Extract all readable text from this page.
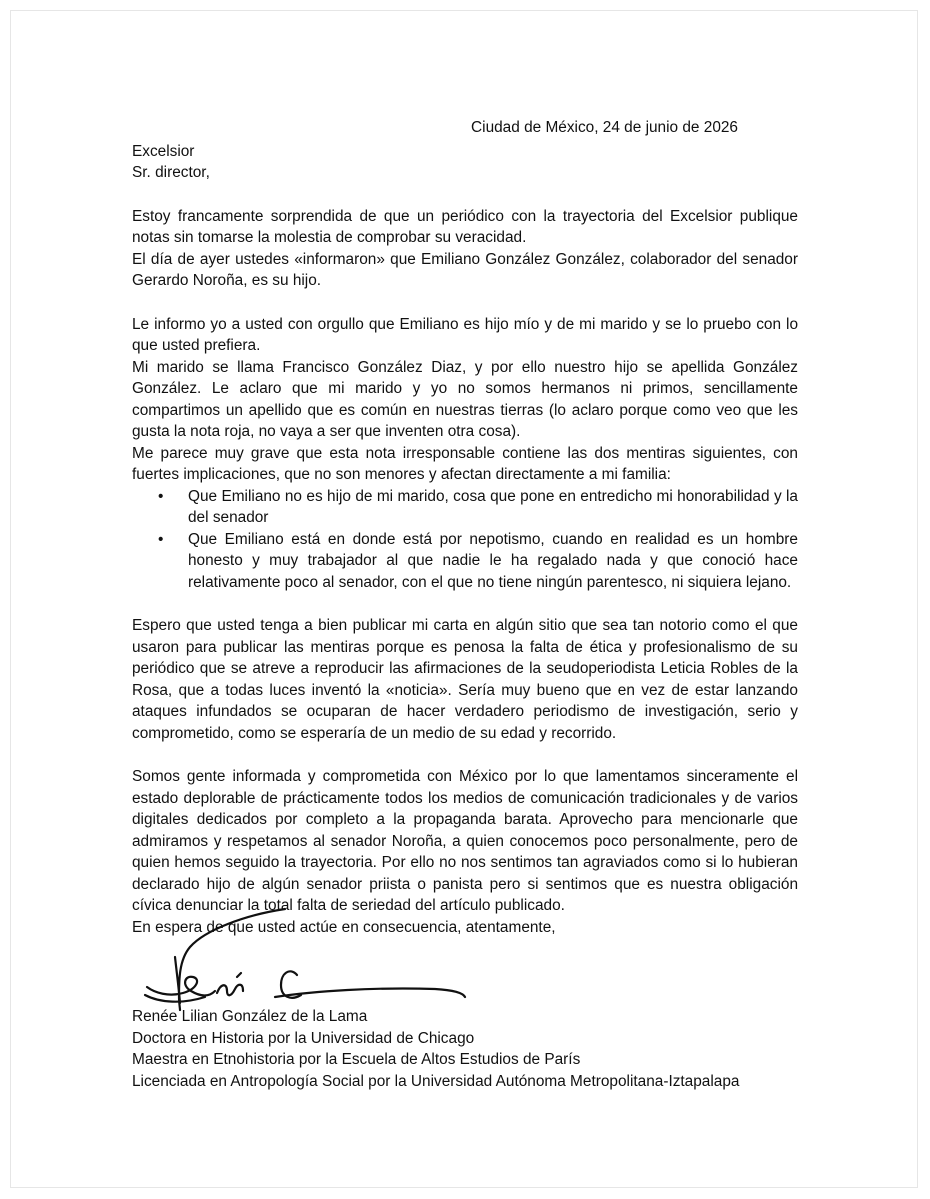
Ciudad de México, 24 de junio de 2026

Excelsior

Sr. director,

Estoy francamente sorprendida de que un periódico con la trayectoria del Excelsior publique notas sin tomarse la molestia de comprobar su veracidad.

El día de ayer ustedes «informaron» que Emiliano González González, colaborador del senador Gerardo Noroña, es su hijo.

Le informo yo a usted con orgullo que Emiliano es hijo mío y de mi marido y se lo pruebo con lo que usted prefiera.

Mi marido se llama Francisco González Diaz, y por ello nuestro hijo se apellida González González. Le aclaro que mi marido y yo no somos hermanos ni primos, sencillamente compartimos un apellido que es común en nuestras tierras (lo aclaro porque como veo que les gusta la nota roja, no vaya a ser que inventen otra cosa).

Me parece muy grave que esta nota irresponsable contiene las dos mentiras siguientes, con fuertes implicaciones, que no son menores y afectan directamente a mi familia:

• Que Emiliano no es hijo de mi marido, cosa que pone en entredicho mi honorabilidad y la del senador
• Que Emiliano está en donde está por nepotismo, cuando en realidad es un hombre honesto y muy trabajador al que nadie le ha regalado nada y que conoció hace relativamente poco al senador, con el que no tiene ningún parentesco, ni siquiera lejano.

Espero que usted tenga a bien publicar mi carta en algún sitio que sea tan notorio como el que usaron para publicar las mentiras porque es penosa la falta de ética y profesionalismo de su periódico que se atreve a reproducir las afirmaciones de la seudoperiodista Leticia Robles de la Rosa, que a todas luces inventó la «noticia». Sería muy bueno que en vez de estar lanzando ataques infundados se ocuparan de hacer verdadero periodismo de investigación, serio y comprometido, como se esperaría de un medio de su edad y recorrido.

Somos gente informada y comprometida con México por lo que lamentamos sinceramente el estado deplorable de prácticamente todos los medios de comunicación tradicionales y de varios digitales dedicados por completo a la propaganda barata. Aprovecho para mencionarle que admiramos y respetamos al senador Noroña, a quien conocemos poco personalmente, pero de quien hemos seguido la trayectoria. Por ello no nos sentimos tan agraviados como si lo hubieran declarado hijo de algún senador priista o panista pero si sentimos que es nuestra obligación cívica denunciar la total falta de seriedad del artículo publicado.

En espera de que usted actúe en consecuencia, atentamente,

Renée Lilian González de la Lama

Doctora en Historia por la Universidad de Chicago

Maestra en Etnohistoria por la Escuela de Altos Estudios de París

Licenciada en Antropología Social por la Universidad Autónoma Metropolitana-Iztapalapa
